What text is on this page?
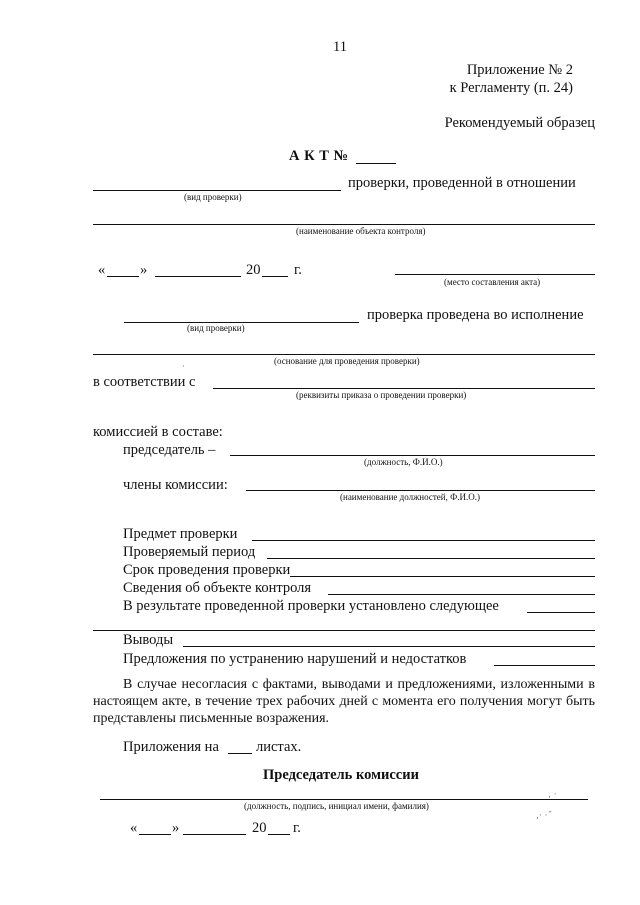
11
Приложение № 2
к Регламенту (п. 24)
Рекомендуемый образец
А К Т №
проверки, проведенной в отношении
(вид проверки)
(наименование объекта контроля)
« »	20 г.
(место составления акта)
проверка проведена во исполнение
(вид проверки)
(основание для проведения проверки)
·
в соответствии с
(реквизиты приказа о проведении проверки)
комиссией в составе:
председатель –
(должность, Ф.И.О.)
члены комиссии:
(наименование должностей, Ф.И.О.)
Предмет проверки
Проверяемый период
Срок проведения проверки
Сведения об объекте контроля
В результате проведенной проверки установлено следующее
Выводы
Предложения по устранению нарушений и недостатков
В случае несогласия с фактами, выводами и предложениями, изложенными в настоящем акте, в течение трех рабочих дней с момента его получения могут быть представлены письменные возражения.
Приложения на	листах.
Председатель комиссии
(должность, подпись, инициал имени, фамилия)
‚ ·
,· ·˝
« »	20 г.
